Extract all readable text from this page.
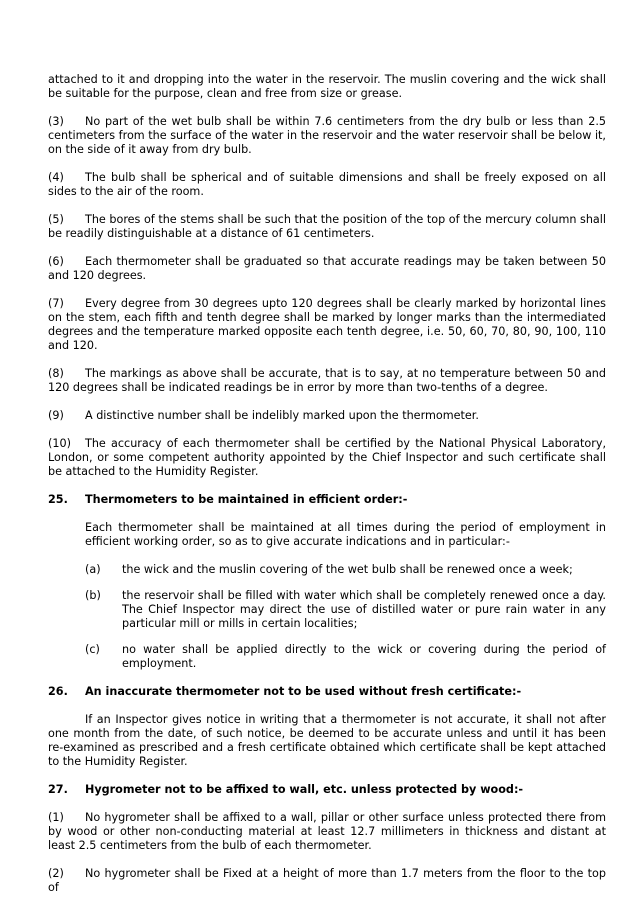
attached to it and dropping into the water in the reservoir. The muslin covering and the wick shall be suitable for the purpose, clean and free from size or grease.

(3) No part of the wet bulb shall be within 7.6 centimeters from the dry bulb or less than 2.5 centimeters from the surface of the water in the reservoir and the water reservoir shall be below it, on the side of it away from dry bulb.

(4) The bulb shall be spherical and of suitable dimensions and shall be freely exposed on all sides to the air of the room.

(5) The bores of the stems shall be such that the position of the top of the mercury column shall be readily distinguishable at a distance of 61 centimeters.

(6) Each thermometer shall be graduated so that accurate readings may be taken between 50 and 120 degrees.

(7) Every degree from 30 degrees upto 120 degrees shall be clearly marked by horizontal lines on the stem, each fifth and tenth degree shall be marked by longer marks than the intermediated degrees and the temperature marked opposite each tenth degree, i.e. 50, 60, 70, 80, 90, 100, 110 and 120.

(8) The markings as above shall be accurate, that is to say, at no temperature between 50 and 120 degrees shall be indicated readings be in error by more than two-tenths of a degree.

(9) A distinctive number shall be indelibly marked upon the thermometer.

(10) The accuracy of each thermometer shall be certified by the National Physical Laboratory, London, or some competent authority appointed by the Chief Inspector and such certificate shall be attached to the Humidity Register.

25.	Thermometers to be maintained in efficient order:-

Each thermometer shall be maintained at all times during the period of employment in efficient working order, so as to give accurate indications and in particular:-

(a)	the wick and the muslin covering of the wet bulb shall be renewed once a week;
(b)	the reservoir shall be filled with water which shall be completely renewed once a day. The Chief Inspector may direct the use of distilled water or pure rain water in any particular mill or mills in certain localities;
(c)	no water shall be applied directly to the wick or covering during the period of employment.
26.	An inaccurate thermometer not to be used without fresh certificate:-

If an Inspector gives notice in writing that a thermometer is not accurate, it shall not after one month from the date, of such notice, be deemed to be accurate unless and until it has been re-examined as prescribed and a fresh certificate obtained which certificate shall be kept attached to the Humidity Register.

27.	Hygrometer not to be affixed to wall, etc. unless protected by wood:-

(1) No hygrometer shall be affixed to a wall, pillar or other surface unless protected there from by wood or other non-conducting material at least 12.7 millimeters in thickness and distant at least 2.5 centimeters from the bulb of each thermometer.

(2) No hygrometer shall be Fixed at a height of more than 1.7 meters from the floor to the top of
